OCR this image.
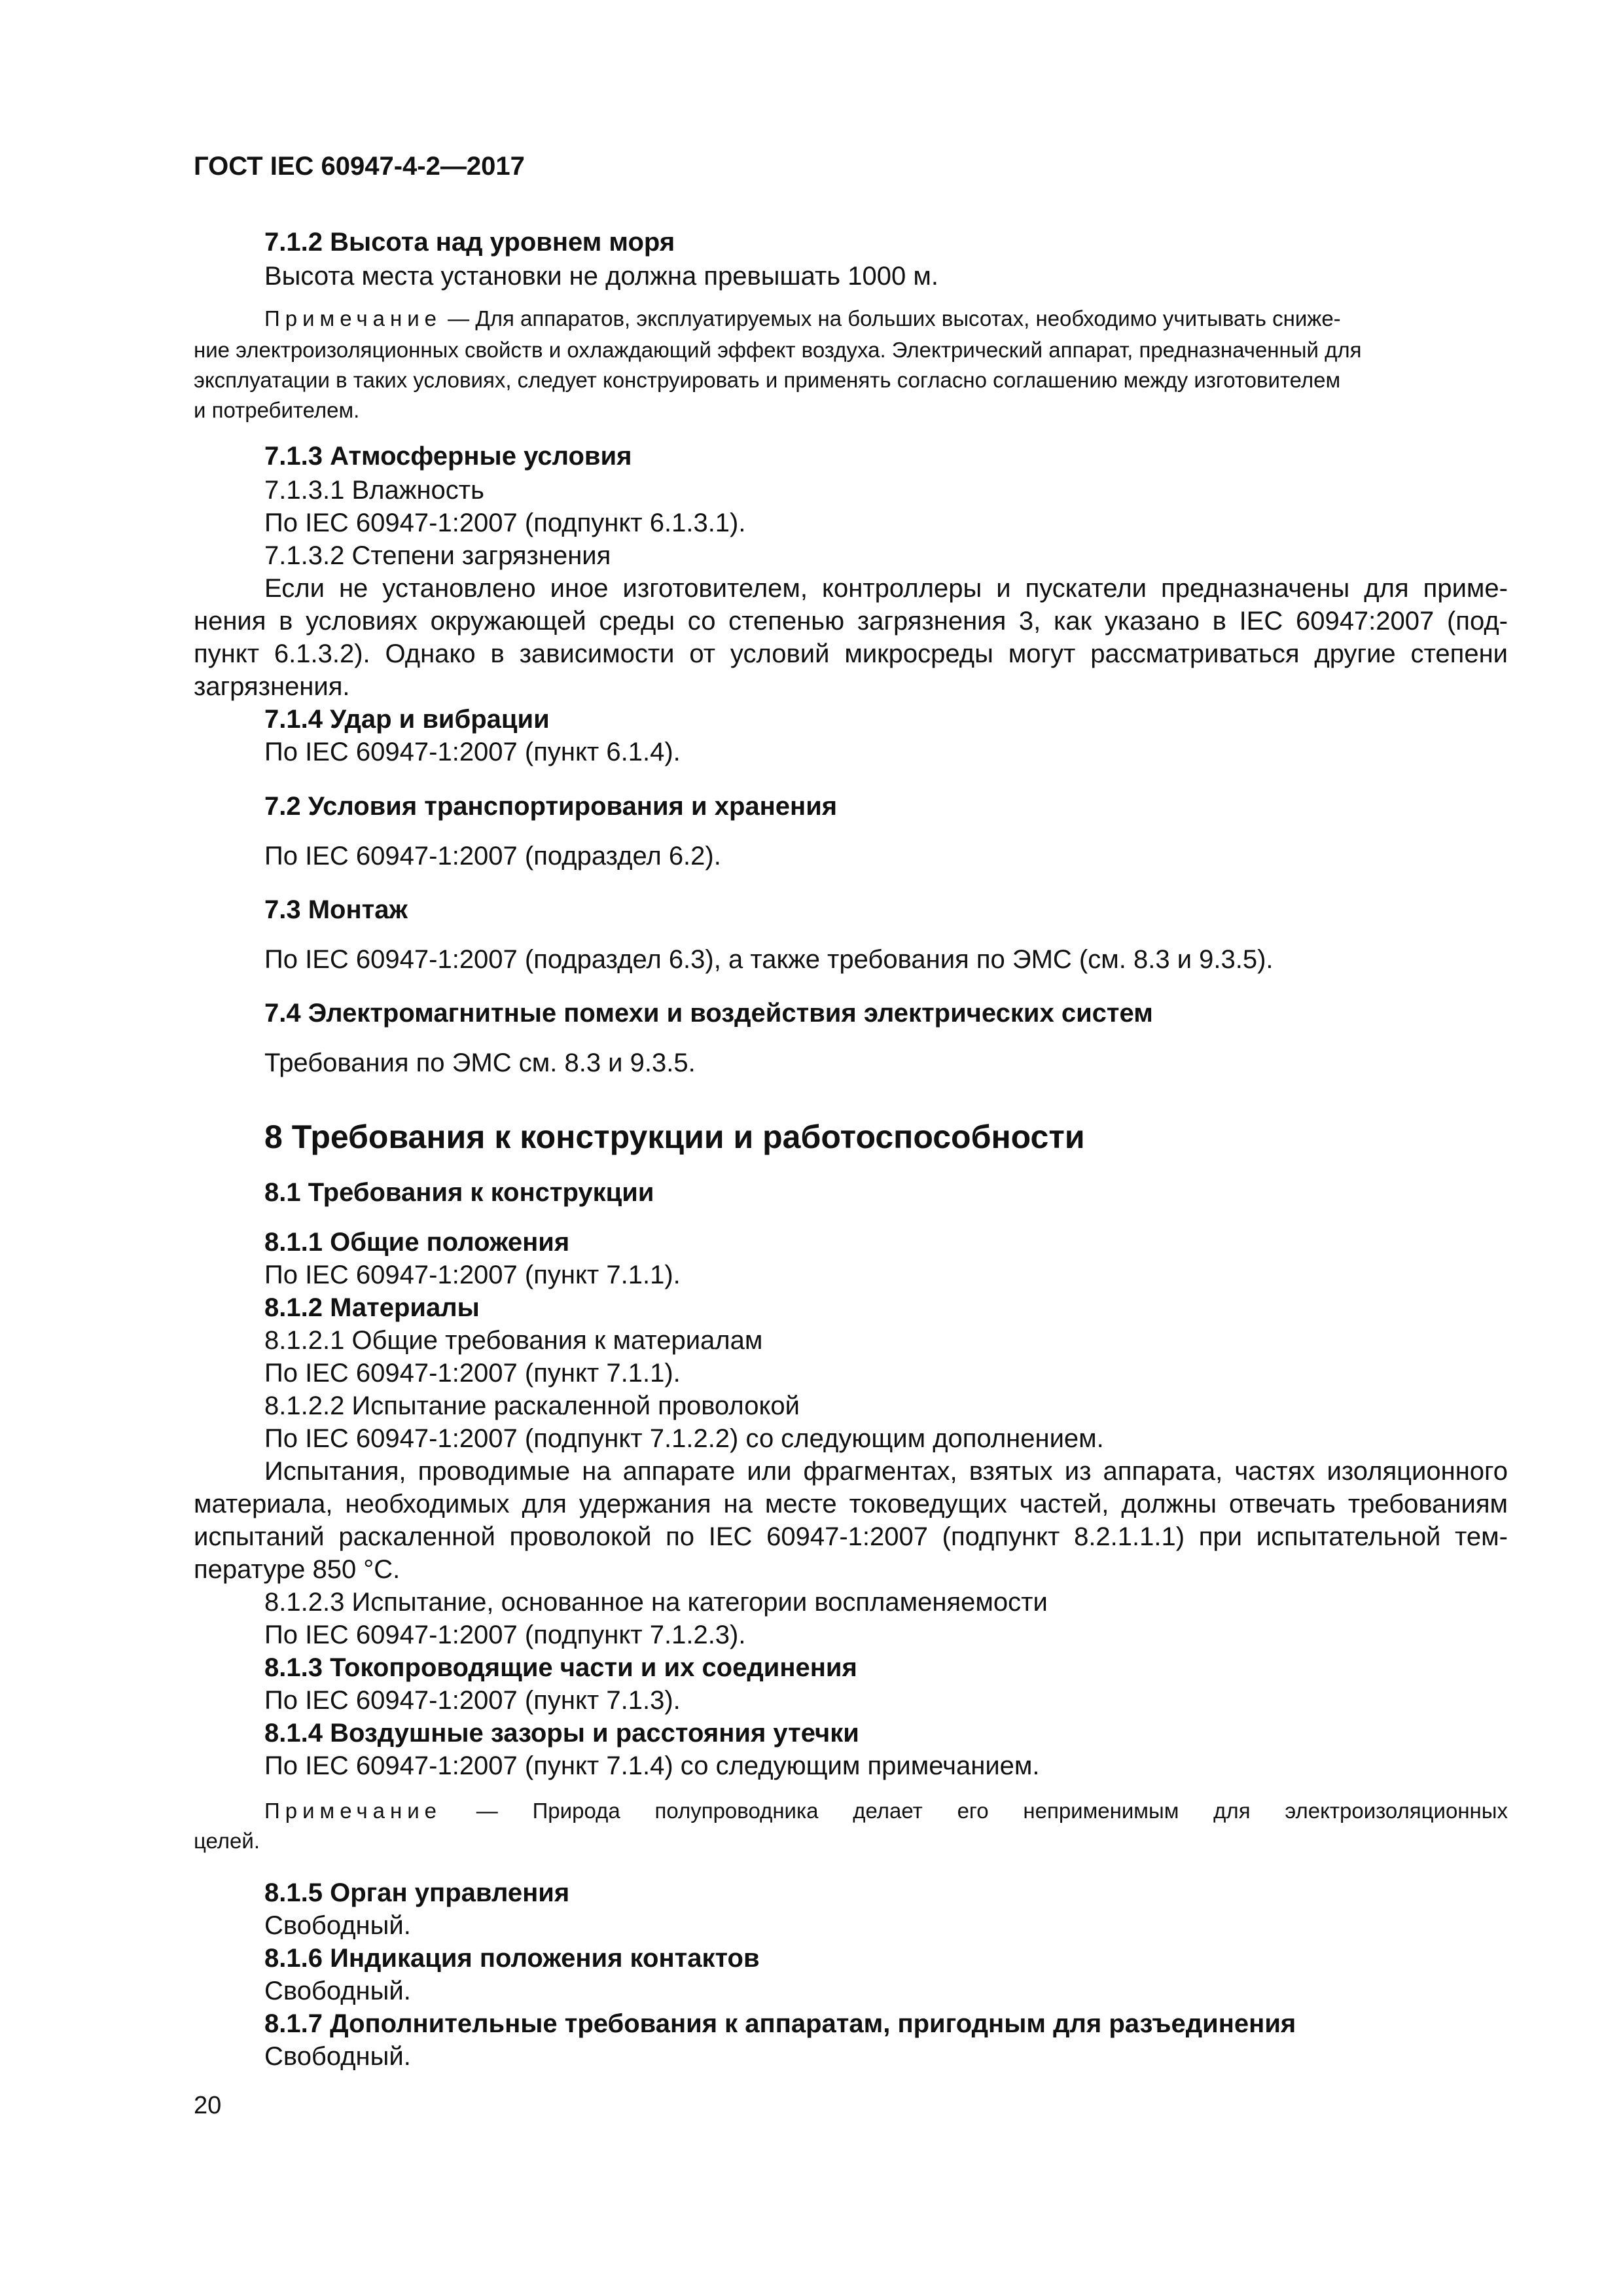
ГОСТ IEC 60947-4-2—2017
7.1.2 Высота над уровнем моря
Высота места установки не должна превышать 1000 м.
Примечание — Для аппаратов, эксплуатируемых на больших высотах, необходимо учитывать сниже-
ние электроизоляционных свойств и охлаждающий эффект воздуха. Электрический аппарат, предназначенный для
эксплуатации в таких условиях, следует конструировать и применять согласно соглашению между изготовителем
и потребителем.
7.1.3 Атмосферные условия
7.1.3.1 Влажность
По IEC 60947-1:2007 (подпункт 6.1.3.1).
7.1.3.2 Степени загрязнения
Если не установлено иное изготовителем, контроллеры и пускатели предназначены для приме-
нения в условиях окружающей среды со степенью загрязнения 3, как указано в IEC 60947:2007 (под-
пункт 6.1.3.2). Однако в зависимости от условий микросреды могут рассматриваться другие степени
загрязнения.
7.1.4 Удар и вибрации
По IEC 60947-1:2007 (пункт 6.1.4).
7.2 Условия транспортирования и хранения
По IEC 60947-1:2007 (подраздел 6.2).
7.3 Монтаж
По IEC 60947-1:2007 (подраздел 6.3), а также требования по ЭМС (см. 8.3 и 9.3.5).
7.4 Электромагнитные помехи и воздействия электрических систем
Требования по ЭМС см. 8.3 и 9.3.5.
8 Требования к конструкции и работоспособности
8.1 Требования к конструкции
8.1.1 Общие положения
По IEC 60947-1:2007 (пункт 7.1.1).
8.1.2 Материалы
8.1.2.1 Общие требования к материалам
По IEC 60947-1:2007 (пункт 7.1.1).
8.1.2.2 Испытание раскаленной проволокой
По IEC 60947-1:2007 (подпункт 7.1.2.2) со следующим дополнением.
Испытания, проводимые на аппарате или фрагментах, взятых из аппарата, частях изоляционного
материала, необходимых для удержания на месте токоведущих частей, должны отвечать требованиям
испытаний раскаленной проволокой по IEC 60947-1:2007 (подпункт 8.2.1.1.1) при испытательной тем-
пературе 850 °С.
8.1.2.3 Испытание, основанное на категории воспламеняемости
По IEC 60947-1:2007 (подпункт 7.1.2.3).
8.1.3 Токопроводящие части и их соединения
По IEC 60947-1:2007 (пункт 7.1.3).
8.1.4 Воздушные зазоры и расстояния утечки
По IEC 60947-1:2007 (пункт 7.1.4) со следующим примечанием.
Примечание — Природа полупроводника делает его неприменимым для электроизоляционных
целей.
8.1.5 Орган управления
Свободный.
8.1.6 Индикация положения контактов
Свободный.
8.1.7 Дополнительные требования к аппаратам, пригодным для разъединения
Свободный.
20
